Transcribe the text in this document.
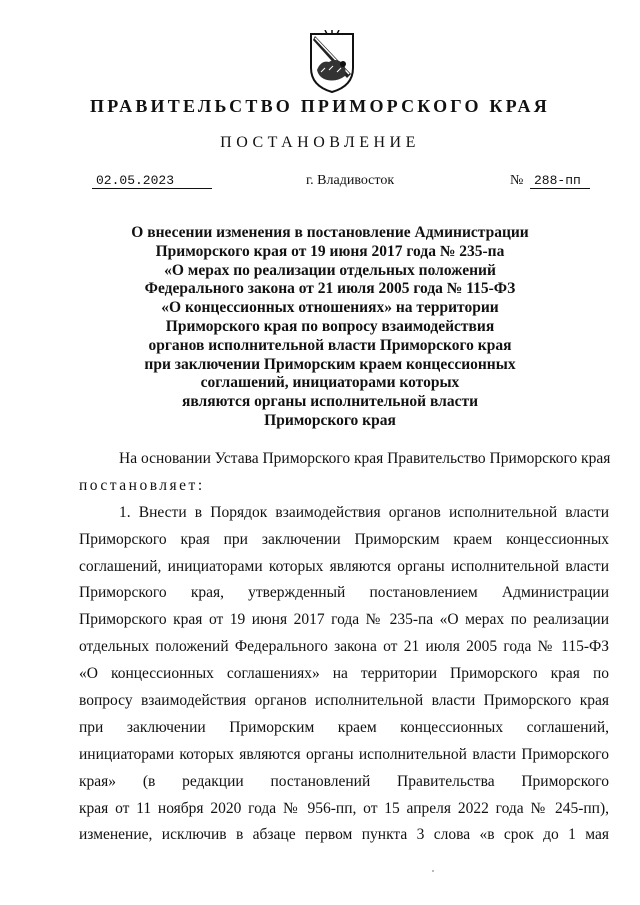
ПРАВИТЕЛЬСТВО ПРИМОРСКОГО КРАЯ
ПОСТАНОВЛЕНИЕ
02.05.2023	г. Владивосток	№ 288-пп
О внесении изменения в постановление Администрации
Приморского края от 19 июня 2017 года № 235-па
«О мерах по реализации отдельных положений
Федерального закона от 21 июля 2005 года № 115-ФЗ
«О концессионных отношениях» на территории
Приморского края по вопросу взаимодействия
органов исполнительной власти Приморского края
при заключении Приморским краем концессионных
соглашений, инициаторами которых
являются органы исполнительной власти
Приморского края
На основании Устава Приморского края Правительство Приморского края
постановляет:
1. Внести в Порядок взаимодействия органов исполнительной власти
Приморского края при заключении Приморским краем концессионных
соглашений, инициаторами которых являются органы исполнительной власти
Приморского края, утвержденный постановлением Администрации
Приморского края от 19 июня 2017 года № 235-па «О мерах по реализации
отдельных положений Федерального закона от 21 июля 2005 года № 115-ФЗ
«О концессионных соглашениях» на территории Приморского края по
вопросу взаимодействия органов исполнительной власти Приморского края
при заключении Приморским краем концессионных соглашений,
инициаторами которых являются органы исполнительной власти Приморского
края» (в редакции постановлений Правительства Приморского
края от 11 ноября 2020 года № 956-пп, от 15 апреля 2022 года № 245-пп),
изменение, исключив в абзаце первом пункта 3 слова «в срок до 1 мая
